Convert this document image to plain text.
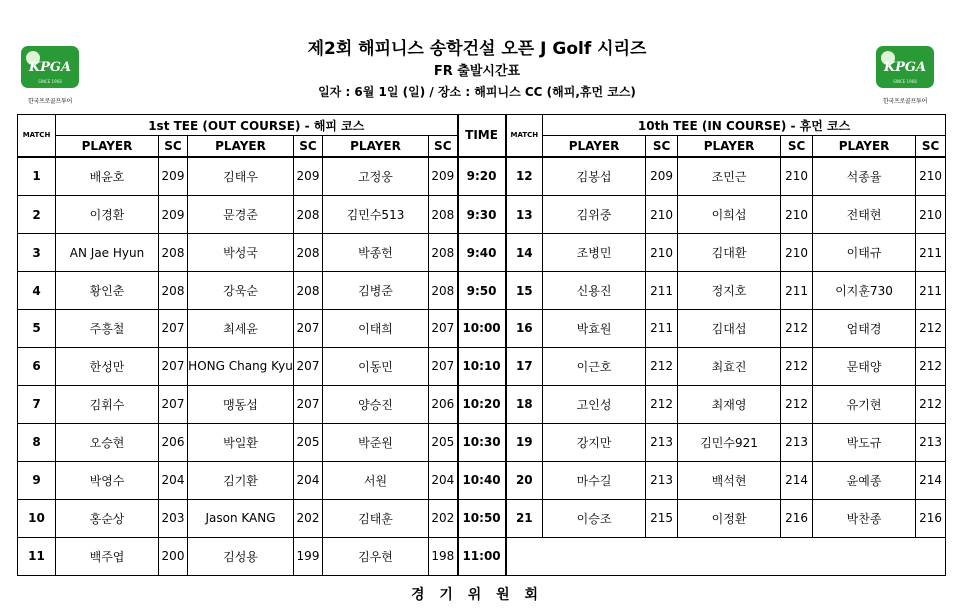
KPGA
SINCE 1968
한국프로골프투어
KPGA
SINCE 1968
한국프로골프투어
제2회 해피니스 송학건설 오픈 J Golf 시리즈
FR 출발시간표
일자 : 6월 1일 (일) / 장소 : 해피니스 CC (해피,휴먼 코스)
MATCH	1st TEE (OUT COURSE) - 해피 코스						TIME	MATCH	10th TEE (IN COURSE) - 휴먼 코스					
	PLAYER	SC	PLAYER	SC	PLAYER	SC			PLAYER	SC	PLAYER	SC	PLAYER	SC
1	배윤호	209	김태우	209	고정웅	209	9:20	12	김봉섭	209	조민근	210	석종율	210
2	이경환	209	문경준	208	김민수513	208	9:30	13	김위중	210	이희섭	210	전태현	210
3	AN Jae Hyun	208	박성국	208	박종헌	208	9:40	14	조병민	210	김대환	210	이태규	211
4	황인춘	208	강욱순	208	김병준	208	9:50	15	신용진	211	정지호	211	이지훈730	211
5	주흥철	207	최세윤	207	이태희	207	10:00	16	박효원	211	김대섭	212	엄태경	212
6	한성만	207	HONG Chang Kyu	207	이동민	207	10:10	17	이근호	212	최효진	212	문태양	212
7	김휘수	207	맹동섭	207	양승진	206	10:20	18	고인성	212	최재영	212	유기현	212
8	오승현	206	박일환	205	박준원	205	10:30	19	강지만	213	김민수921	213	박도규	213
9	박영수	204	김기환	204	서원	204	10:40	20	마수길	213	백석현	214	윤예종	214
10	홍순상	203	Jason KANG	202	김태훈	202	10:50	21	이승조	215	이정환	216	박찬종	216
11	백주엽	200	김성용	199	김우현	198	11:00							
경 기 위 원 회
